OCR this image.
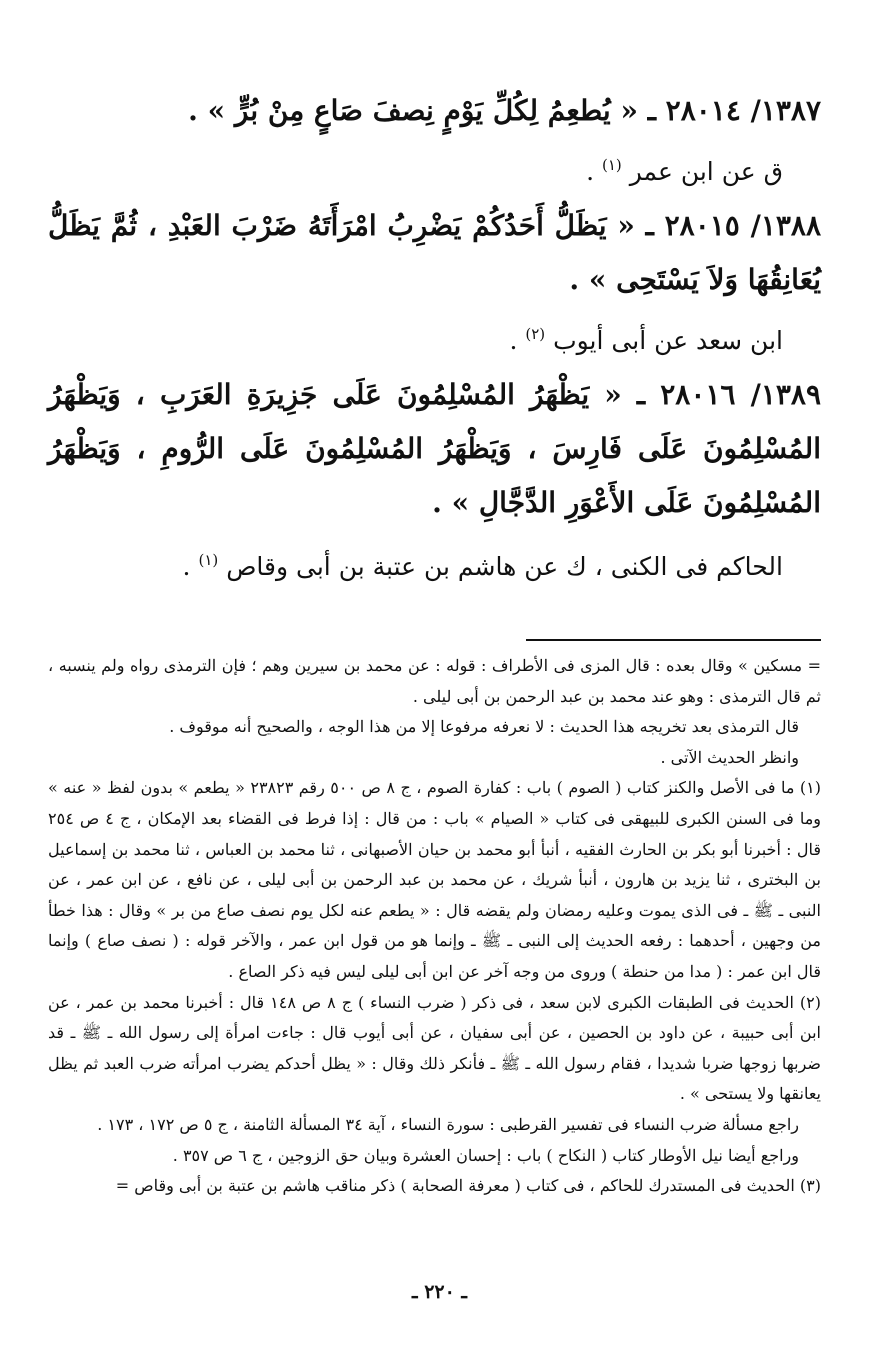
١٣٨٧/ ٢٨٠١٤ ـ « يُطعِمُ لِكُلِّ يَوْمٍ نِصفَ صَاعٍ مِنْ بُرٍّ » .

ق عن ابن عمر $^{(١)}$ .

١٣٨٨/ ٢٨٠١٥ ـ « يَظَلُّ أَحَدُكُمْ يَضْرِبُ امْرَأَتَهُ ضَرْبَ العَبْدِ ، ثُمَّ يَظَلُّ يُعَانِقُهَا وَلاَ يَسْتَحِى » .

ابن سعد عن أبى أيوب $^{(٢)}$ .

١٣٨٩/ ٢٨٠١٦ ـ « يَظْهَرُ المُسْلِمُونَ عَلَى جَزِيرَةِ العَرَبِ ، وَيَظْهَرُ المُسْلِمُونَ عَلَى فَارِسَ ، وَيَظْهَرُ المُسْلِمُونَ عَلَى الرُّومِ ، وَيَظْهَرُ المُسْلِمُونَ عَلَى الأَعْوَرِ الدَّجَّالِ » .

الحاكم فى الكنى ، ك عن هاشم بن عتبة بن أبى وقاص $^{(١)}$ .

= مسكين » وقال بعده : قال المزى فى الأطراف : قوله : عن محمد بن سيرين وهم ؛ فإن الترمذى رواه ولم ينسبه ، ثم قال الترمذى : وهو عند محمد بن عبد الرحمن بن أبى ليلى .

قال الترمذى بعد تخريجه هذا الحديث : لا نعرفه مرفوعا إلا من هذا الوجه ، والصحيح أنه موقوف .

وانظر الحديث الآتى .

(١) ما فى الأصل والكنز كتاب ( الصوم ) باب : كفارة الصوم ، ج ٨ ص ٥٠٠ رقم ٢٣٨٢٣ « يطعم » بدون لفظ « عنه » وما فى السنن الكبرى للبيهقى فى كتاب « الصيام » باب : من قال : إذا فرط فى القضاء بعد الإمكان ، ج ٤ ص ٢٥٤ قال : أخبرنا أبو بكر بن الحارث الفقيه ، أنبأ أبو محمد بن حيان الأصبهانى ، ثنا محمد بن العباس ، ثنا محمد بن إسماعيل بن البخترى ، ثنا يزيد بن هارون ، أنبأ شريك ، عن محمد بن عبد الرحمن بن أبى ليلى ، عن نافع ، عن ابن عمر ، عن النبى ـ ﷺ ـ فى الذى يموت وعليه رمضان ولم يقضه قال : « يطعم عنه لكل يوم نصف صاع من بر » وقال : هذا خطأ من وجهين ، أحدهما : رفعه الحديث إلى النبى ـ ﷺ ـ وإنما هو من قول ابن عمر ، والآخر قوله : ( نصف صاع ) وإنما قال ابن عمر : ( مدا من حنطة ) وروى من وجه آخر عن ابن أبى ليلى ليس فيه ذكر الصاع .

(٢) الحديث فى الطبقات الكبرى لابن سعد ، فى ذكر ( ضرب النساء ) ج ٨ ص ١٤٨ قال : أخبرنا محمد بن عمر ، عن ابن أبى حبيبة ، عن داود بن الحصين ، عن أبى سفيان ، عن أبى أيوب قال : جاءت امرأة إلى رسول الله ـ ﷺ ـ قد ضربها زوجها ضربا شديدا ، فقام رسول الله ـ ﷺ ـ فأنكر ذلك وقال : « يظل أحدكم يضرب امرأته ضرب العبد ثم يظل يعانقها ولا يستحى » .

راجع مسألة ضرب النساء فى تفسير القرطبى : سورة النساء ، آية ٣٤ المسألة الثامنة ، ج ٥ ص ١٧٢ ، ١٧٣ .

وراجع أيضا نيل الأوطار كتاب ( النكاح ) باب : إحسان العشرة وبيان حق الزوجين ، ج ٦ ص ٣٥٧ .

(٣) الحديث فى المستدرك للحاكم ، فى كتاب ( معرفة الصحابة ) ذكر مناقب هاشم بن عتبة بن أبى وقاص =

ـ ٢٢٠ ـ
